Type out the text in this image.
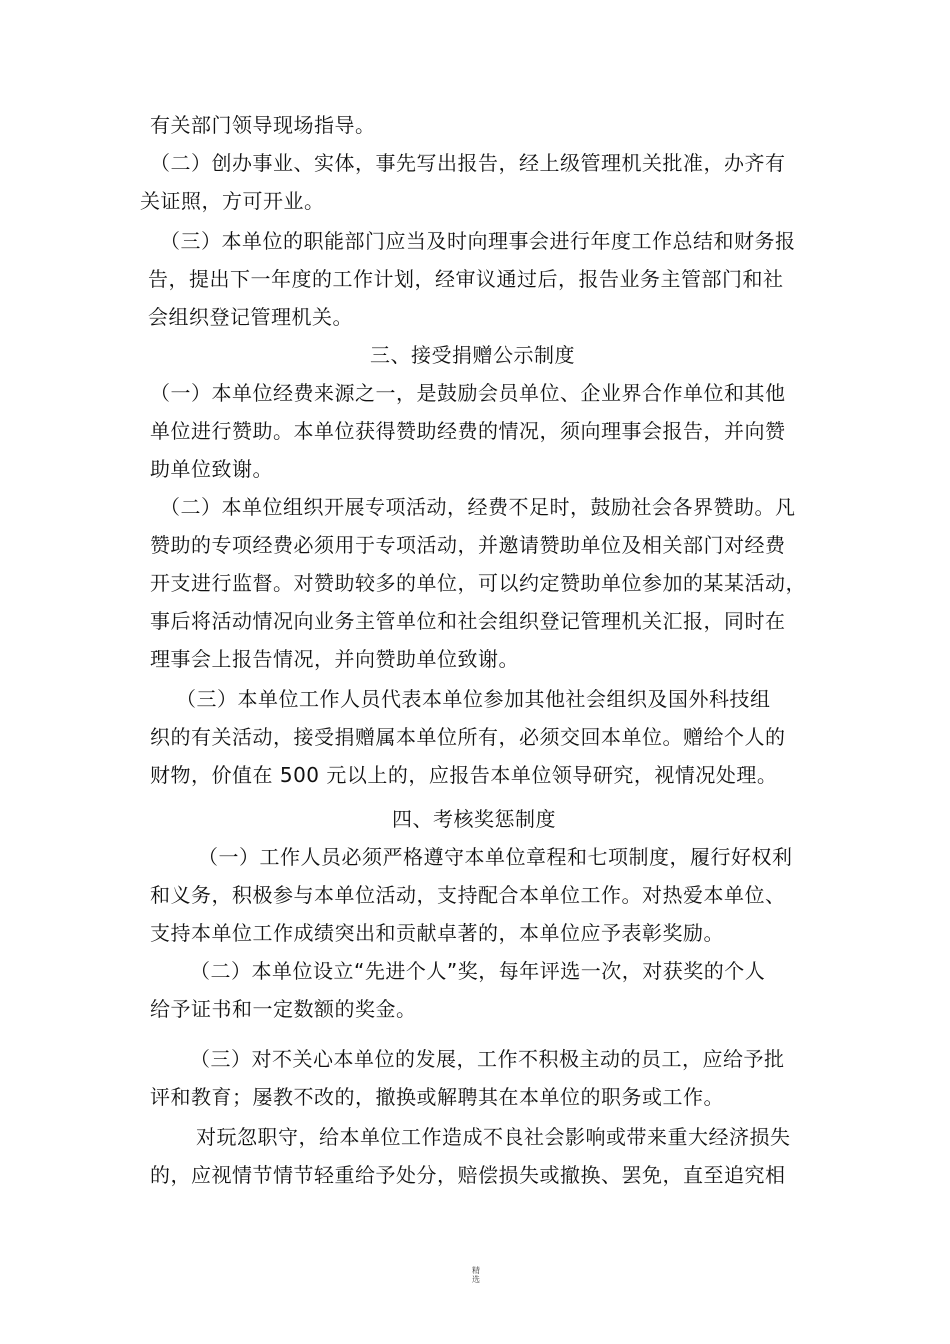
有关部门领导现场指导。
（二）创办事业、实体，事先写出报告，经上级管理机关批准，办齐有
关证照，方可开业。
（三）本单位的职能部门应当及时向理事会进行年度工作总结和财务报
告，提出下一年度的工作计划，经审议通过后，报告业务主管部门和社
会组织登记管理机关。
三、接受捐赠公示制度
（一）本单位经费来源之一，是鼓励会员单位、企业界合作单位和其他
单位进行赞助。本单位获得赞助经费的情况，须向理事会报告，并向赞
助单位致谢。
（二）本单位组织开展专项活动，经费不足时，鼓励社会各界赞助。凡
赞助的专项经费必须用于专项活动，并邀请赞助单位及相关部门对经费
开支进行监督。对赞助较多的单位，可以约定赞助单位参加的某某活动，
事后将活动情况向业务主管单位和社会组织登记管理机关汇报，同时在
理事会上报告情况，并向赞助单位致谢。
（三）本单位工作人员代表本单位参加其他社会组织及国外科技组
织的有关活动，接受捐赠属本单位所有，必须交回本单位。赠给个人的
财物，价值在 500 元以上的，应报告本单位领导研究，视情况处理。
四、考核奖惩制度
（一）工作人员必须严格遵守本单位章程和七项制度，履行好权利
和义务，积极参与本单位活动，支持配合本单位工作。对热爱本单位、
支持本单位工作成绩突出和贡献卓著的，本单位应予表彰奖励。
（二）本单位设立“先进个人”奖，每年评选一次，对获奖的个人
给予证书和一定数额的奖金。
（三）对不关心本单位的发展，工作不积极主动的员工，应给予批
评和教育；屡教不改的，撤换或解聘其在本单位的职务或工作。
对玩忽职守，给本单位工作造成不良社会影响或带来重大经济损失
的，应视情节情节轻重给予处分，赔偿损失或撤换、罢免，直至追究相
精
选
